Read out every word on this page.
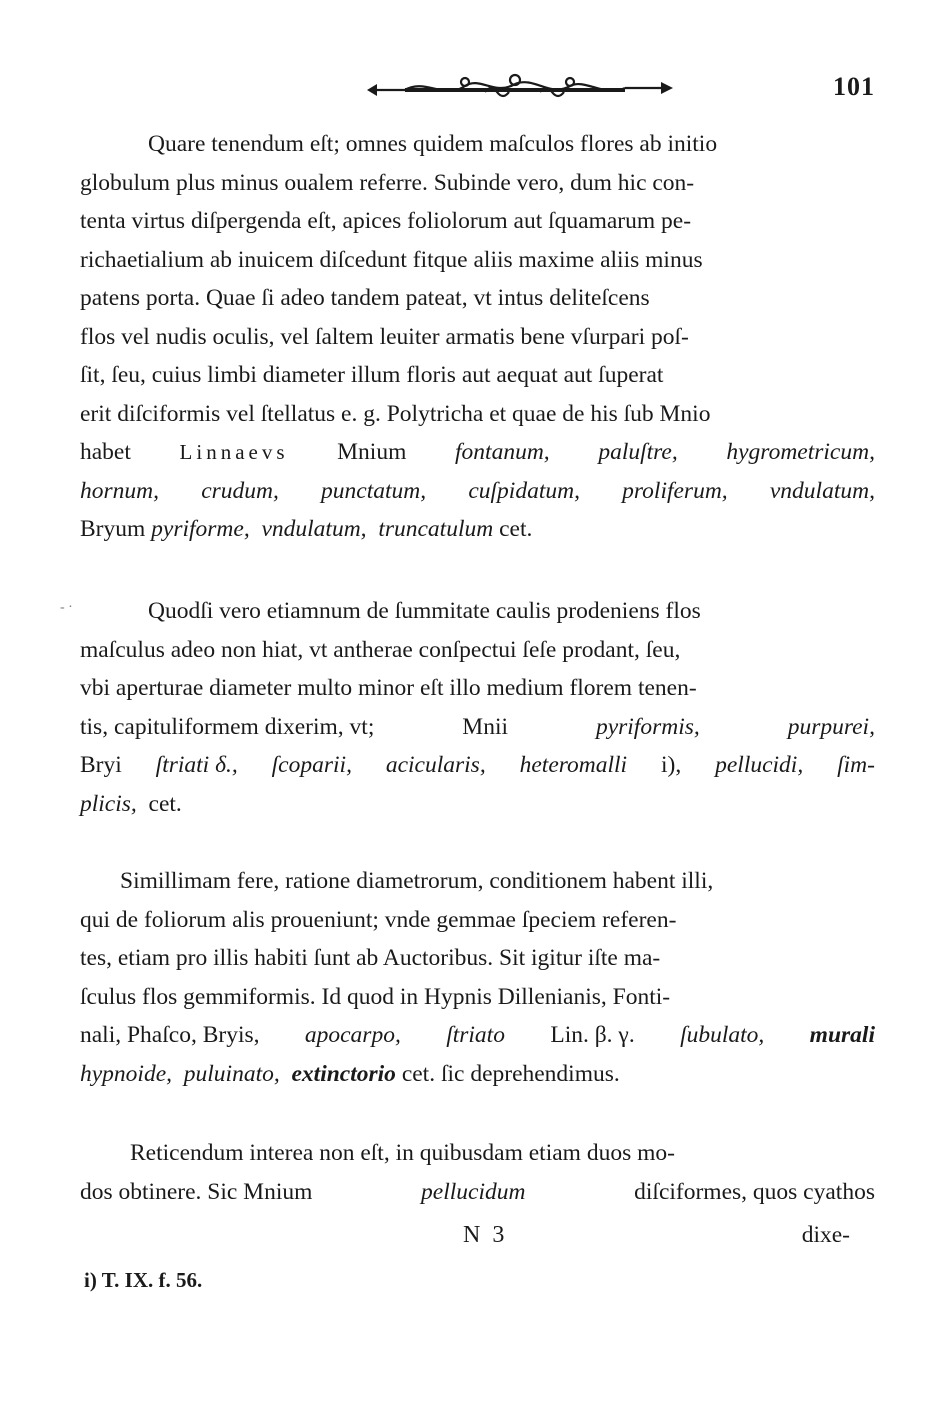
101
Quare tenendum eſt; omnes quidem maſculos flores ab initio
globulum plus minus oualem referre. Subinde vero, dum hic con-
tenta virtus diſpergenda eſt, apices foliolorum aut ſquamarum pe-
richaetialium ab inuicem diſcedunt fitque aliis maxime aliis minus
patens porta. Quae ſi adeo tandem pateat, vt intus deliteſcens
flos vel nudis oculis, vel ſaltem leuiter armatis bene vſurpari poſ-
ſit, ſeu, cuius limbi diameter illum floris aut aequat aut ſuperat
erit diſciformis vel ſtellatus e. g. Polytricha et quae de his ſub Mnio
habet Linnaevs Mnium fontanum, paluſtre, hygrometricum,
hornum, crudum, punctatum, cuſpidatum, proliferum, vndulatum,
Bryum
pyriforme,
vndulatum,
truncatulum
cet.
- ·	Quodſi vero etiamnum de ſummitate caulis prodeniens flos
maſculus adeo non hiat, vt antherae conſpectui ſeſe prodant, ſeu,
vbi aperturae diameter multo minor eſt illo medium florem tenen-
tis, capituliformem dixerim, vt;	Mnii	pyriformis,	purpurei,
Bryi ſtriati δ., ſcoparii, acicularis, heteromalli i), pellucidi, ſim-
plicis,
cet.
Simillimam fere, ratione diametrorum, conditionem habent illi,
qui de foliorum alis proueniunt; vnde gemmae ſpeciem referen-
tes, etiam pro illis habiti ſunt ab Auctoribus. Sit igitur iſte ma-
ſculus flos gemmiformis. Id quod in Hypnis Dillenianis, Fonti-
nali, Phaſco, Bryis, apocarpo, ſtriato Lin. β. γ. ſubulato, murali
hypnoide,
puluinato,
extinctorio
cet. ſic deprehendimus.
Reticendum interea non eſt, in quibusdam etiam duos mo-
dos obtinere. Sic Mnium	pellucidum	diſciformes, quos cyathos
N 3	dixe-
i) T. IX. f. 56.
